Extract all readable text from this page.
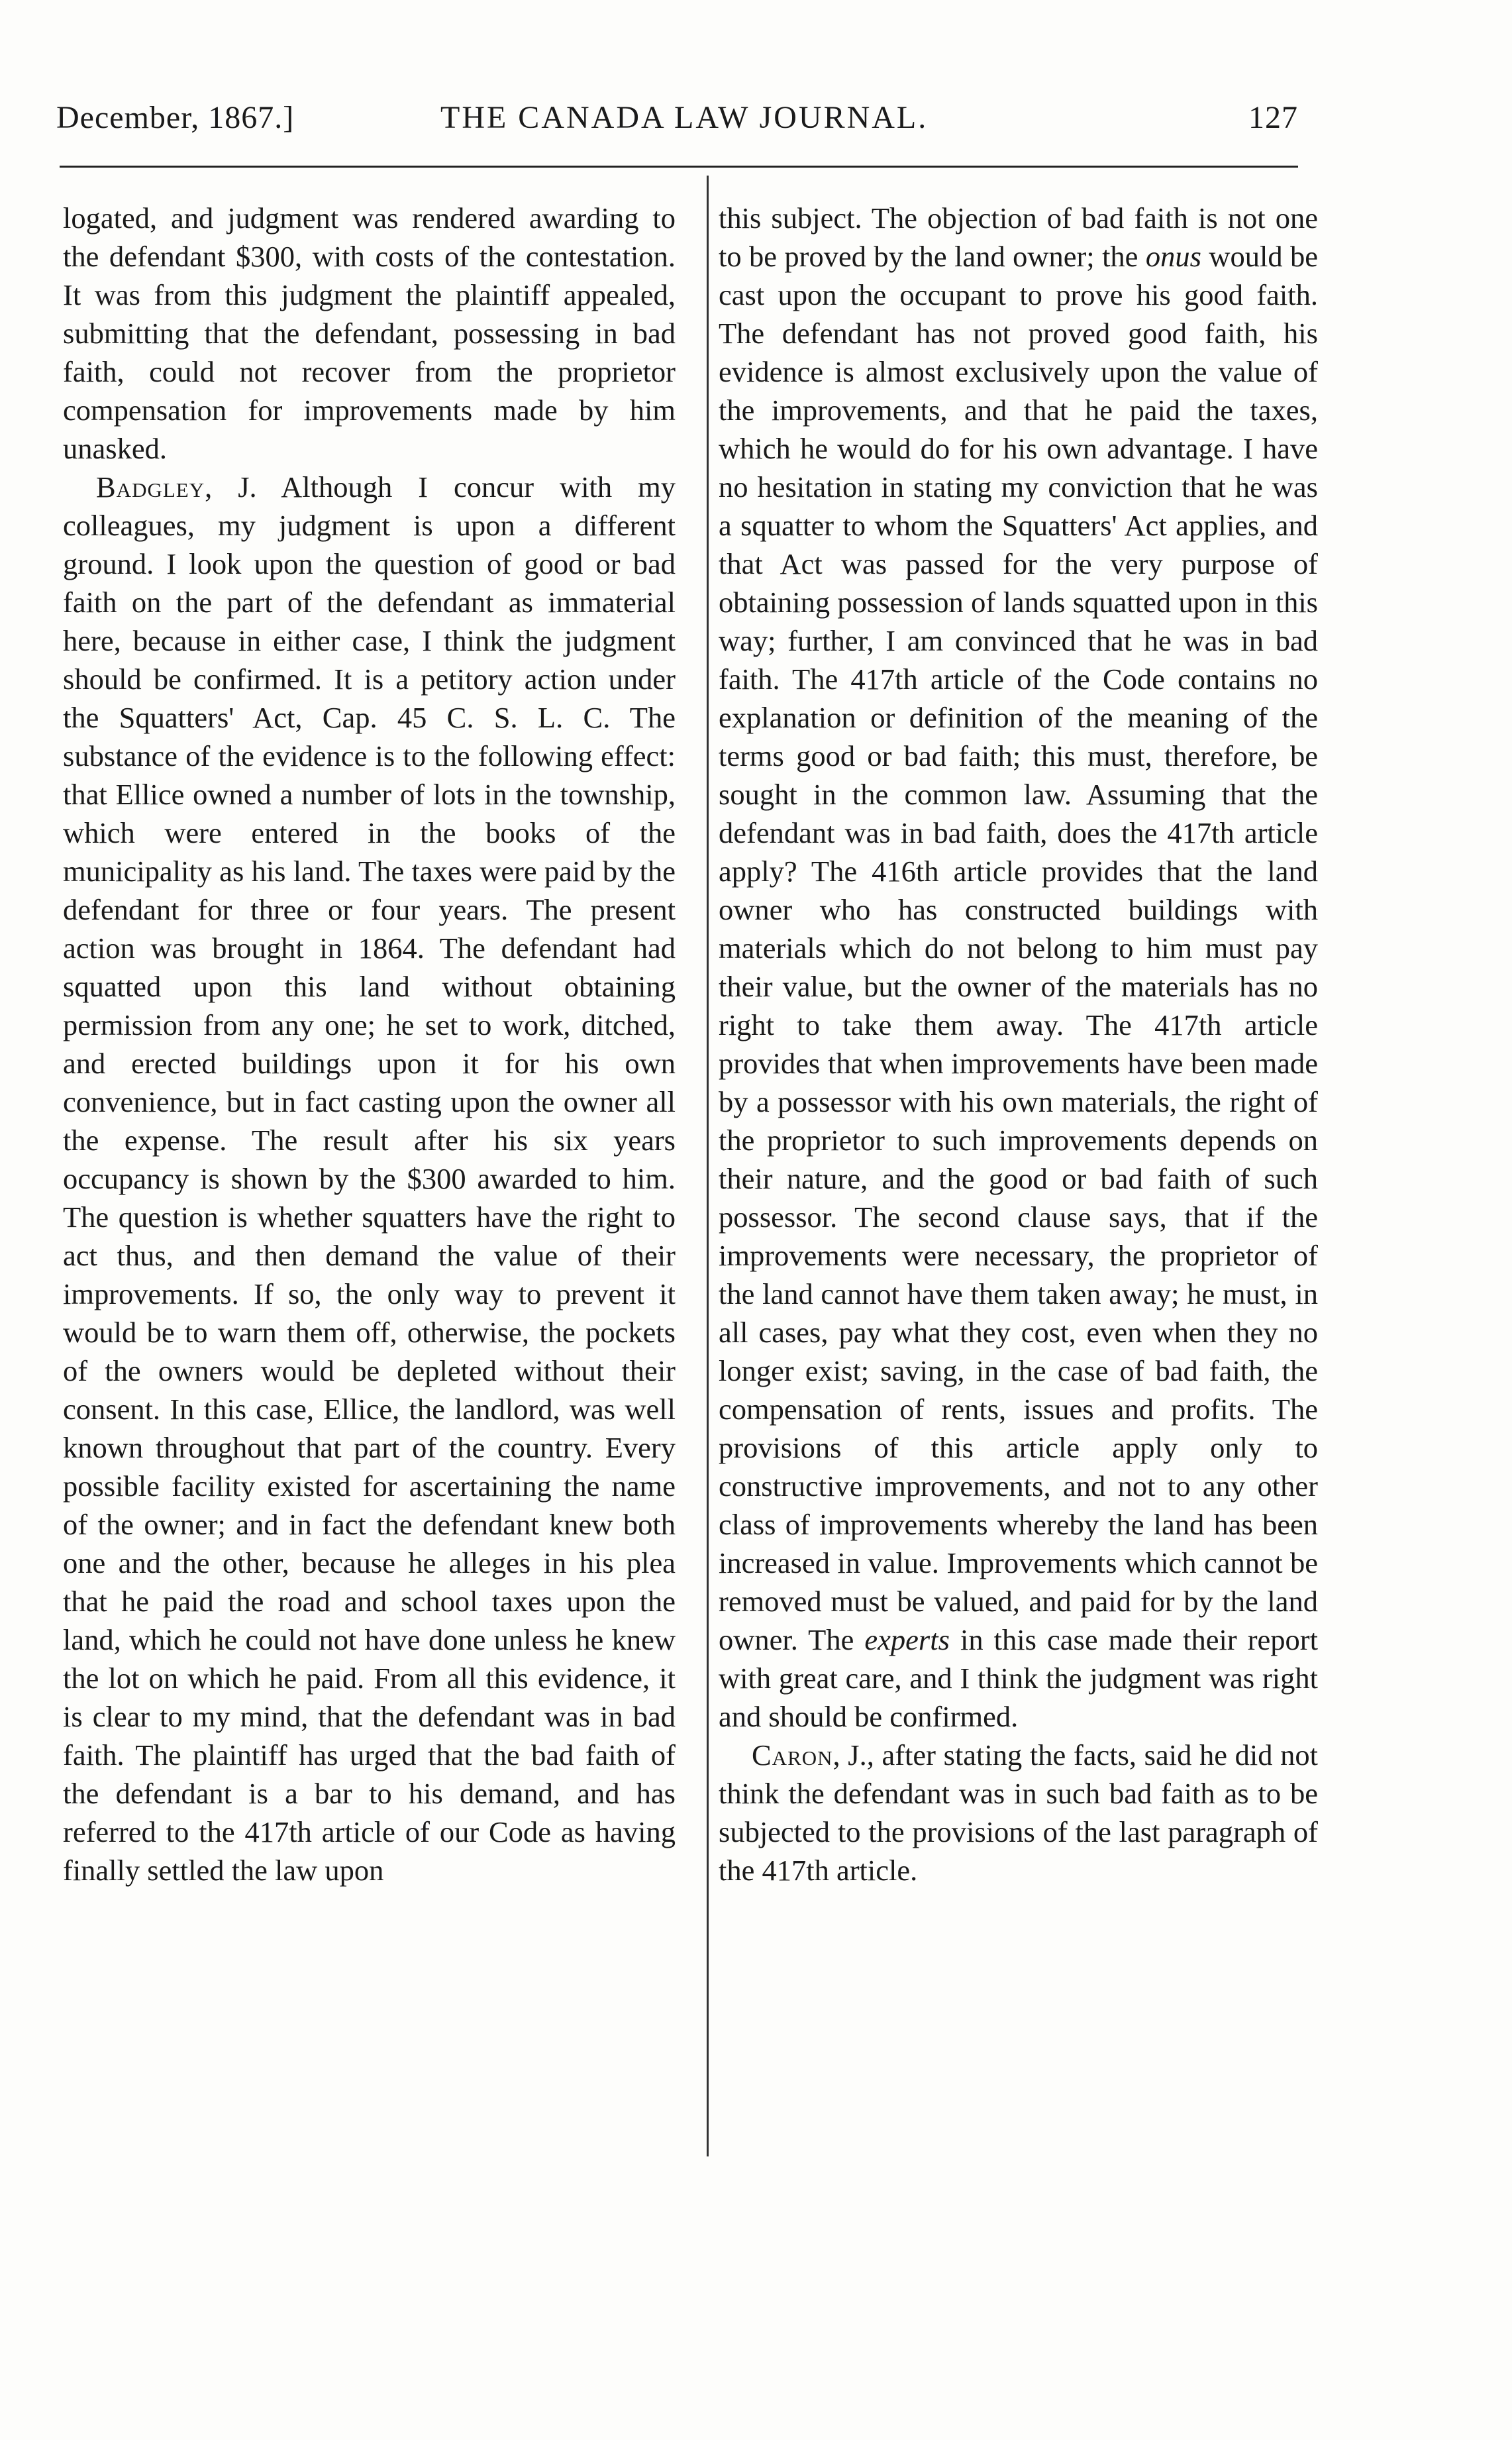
December, 1867.]	THE CANADA LAW JOURNAL.	127

logated, and judgment was rendered awarding to the defendant $300, with costs of the contestation. It was from this judgment the plaintiff appealed, submitting that the defendant, possessing in bad faith, could not recover from the proprietor compensation for improvements made by him unasked.

Badgley, J. Although I concur with my colleagues, my judgment is upon a different ground. I look upon the question of good or bad faith on the part of the defendant as immaterial here, because in either case, I think the judgment should be confirmed. It is a petitory action under the Squatters' Act, Cap. 45 C. S. L. C. The substance of the evidence is to the following effect: that Ellice owned a number of lots in the township, which were entered in the books of the municipality as his land. The taxes were paid by the defendant for three or four years. The present action was brought in 1864. The defendant had squatted upon this land without obtaining permission from any one; he set to work, ditched, and erected buildings upon it for his own convenience, but in fact casting upon the owner all the expense. The result after his six years occupancy is shown by the $300 awarded to him. The question is whether squatters have the right to act thus, and then demand the value of their improvements. If so, the only way to prevent it would be to warn them off, otherwise, the pockets of the owners would be depleted without their consent. In this case, Ellice, the landlord, was well known throughout that part of the country. Every possible facility existed for ascertaining the name of the owner; and in fact the defendant knew both one and the other, because he alleges in his plea that he paid the road and school taxes upon the land, which he could not have done unless he knew the lot on which he paid. From all this evidence, it is clear to my mind, that the defendant was in bad faith. The plaintiff has urged that the bad faith of the defendant is a bar to his demand, and has referred to the 417th article of our Code as having finally settled the law upon

this subject. The objection of bad faith is not one to be proved by the land owner; the onus would be cast upon the occupant to prove his good faith. The defendant has not proved good faith, his evidence is almost exclusively upon the value of the improvements, and that he paid the taxes, which he would do for his own advantage. I have no hesitation in stating my conviction that he was a squatter to whom the Squatters' Act applies, and that Act was passed for the very purpose of obtaining possession of lands squatted upon in this way; further, I am convinced that he was in bad faith. The 417th article of the Code contains no explanation or definition of the meaning of the terms good or bad faith; this must, therefore, be sought in the common law. Assuming that the defendant was in bad faith, does the 417th article apply? The 416th article provides that the land owner who has constructed buildings with materials which do not belong to him must pay their value, but the owner of the materials has no right to take them away. The 417th article provides that when improvements have been made by a possessor with his own materials, the right of the proprietor to such improvements depends on their nature, and the good or bad faith of such possessor. The second clause says, that if the improvements were necessary, the proprietor of the land cannot have them taken away; he must, in all cases, pay what they cost, even when they no longer exist; saving, in the case of bad faith, the compensation of rents, issues and profits. The provisions of this article apply only to constructive improvements, and not to any other class of improvements whereby the land has been increased in value. Improvements which cannot be removed must be valued, and paid for by the land owner. The experts in this case made their report with great care, and I think the judgment was right and should be confirmed.

Caron, J., after stating the facts, said he did not think the defendant was in such bad faith as to be subjected to the provisions of the last paragraph of the 417th article.
